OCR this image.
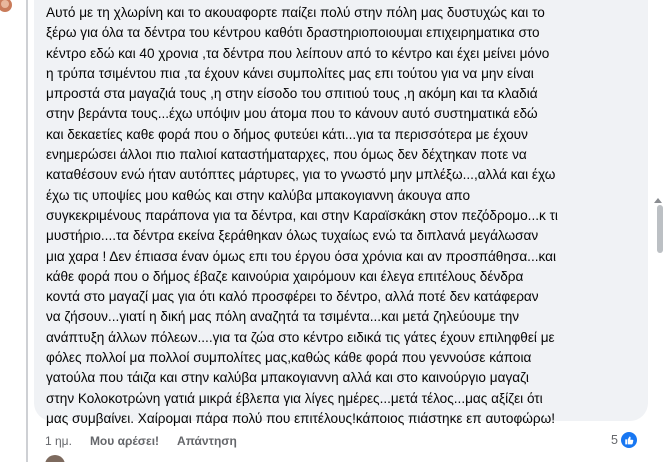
Αυτό με τη χλωρίνη και το ακουαφορτε παίζει πολύ στην πόλη μας δυστυχώς και το
ξέρω για όλα τα δέντρα του κέντρου καθότι δραστηριοποιουμαι επιχειρηματικα στο
κέντρο εδώ και 40 χρονια ,τα δέντρα που λείπουν από το κέντρο και έχει μείνει μόνο
η τρύπα τσιμέντου πια ,τα έχουν κάνει συμπολίτες μας επι τούτου για να μην είναι
μπροστά στα μαγαζιά τους ,η στην είσοδο του σπιτιού τους ,η ακόμη και τα κλαδιά
στην βεράντα τους...έχω υπόψιν μου άτομα που το κάνουν αυτό συστηματικά εδώ
και δεκαετίες καθε φορά που ο δήμος φυτεύει κάτι...για τα περισσότερα με έχουν
ενημερώσει άλλοι πιο παλιοί καταστήματαρχες, που όμως δεν δέχτηκαν ποτε να
καταθέσουν ενώ ήταν αυτόπτες μάρτυρες, για το γνωστό μην μπλέξω...,αλλά και έχω
έχω τις υποψίες μου καθώς και στην καλύβα μπακογιαννη άκουγα απο
συγκεκριμένους παράπονα για τα δέντρα, και στην Καραϊσκάκη στον πεζόδρομο...κ τι
μυστήριο....τα δέντρα εκείνα ξεράθηκαν όλως τυχαίως ενώ τα διπλανά μεγάλωσαν
μια χαρα ! Δεν έπιασα έναν όμως επι του έργου όσα χρόνια και αν προσπάθησα...και
κάθε φορά που ο δήμος έβαζε καινούρια χαιρόμουν και έλεγα επιτέλους δένδρα
κοντά στο μαγαζί μας για ότι καλό προσφέρει το δέντρο, αλλά ποτέ δεν κατάφεραν
να ζήσουν...γιατί η δική μας πόλη αναζητά τα τσιμέντα...και μετά ζηλεύουμε την
ανάπτυξη άλλων πόλεων....για τα ζώα στο κέντρο ειδικά τις γάτες έχουν επιληφθεί με
φόλες πολλοί μα πολλοί συμπολίτες μας,καθώς κάθε φορά που γεννούσε κάποια
γατούλα που τάιζα και στην καλύβα μπακογιαννη αλλά και στο καινούργιο μαγαζι
στην Κολοκοτρώνη γατιά μικρά έβλεπα για λίγες ημέρες...μετά τέλος...μας αξίζει ότι
μας συμβαίνει. Χαίρομαι πάρα πολύ που επιτέλους!κάποιος πιάστηκε επ αυτοφώρω!

1 ημ. Μου αρέσει! Απάντηση	5
